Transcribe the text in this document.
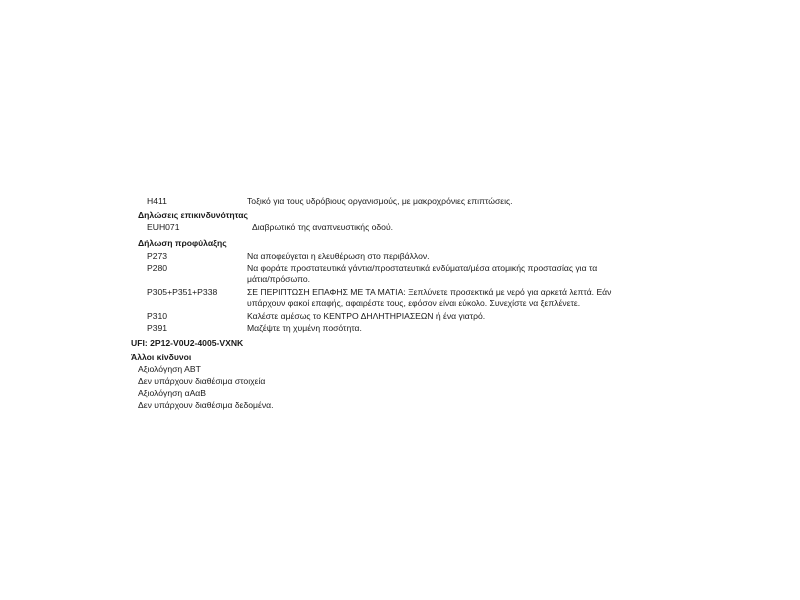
H411	Τοξικό για τους υδρόβιους οργανισμούς, με μακροχρόνιες επιπτώσεις.
Δηλώσεις επικινδυνότητας
EUH071	Διαβρωτικό της αναπνευστικής οδού.
Δήλωση προφύλαξης
P273	Να αποφεύγεται η ελευθέρωση στο περιβάλλον.
P280	Να φοράτε προστατευτικά γάντια/προστατευτικά ενδύματα/μέσα ατομικής προστασίας για τα
μάτια/πρόσωπο.
P305+P351+P338	ΣΕ ΠΕΡΙΠΤΩΣΗ ΕΠΑΦΗΣ ΜΕ ΤΑ ΜΑΤΙΑ: Ξεπλύνετε προσεκτικά με νερό για αρκετά λεπτά. Εάν
υπάρχουν φακοί επαφής, αφαιρέστε τους, εφόσον είναι εύκολο. Συνεχίστε να ξεπλένετε.
P310	Καλέστε αμέσως το ΚΕΝΤΡΟ ΔΗΛΗΤΗΡΙΑΣΕΩΝ ή ένα γιατρό.
P391	Μαζέψτε τη χυμένη ποσότητα.
UFI: 2P12-V0U2-4005-VXNK
Άλλοι κίνδυνοι
Αξιολόγηση ΑΒΤ
Δεν υπάρχουν διαθέσιμα στοιχεία
Αξιολόγηση αΑαΒ
Δεν υπάρχουν διαθέσιμα δεδομένα.
